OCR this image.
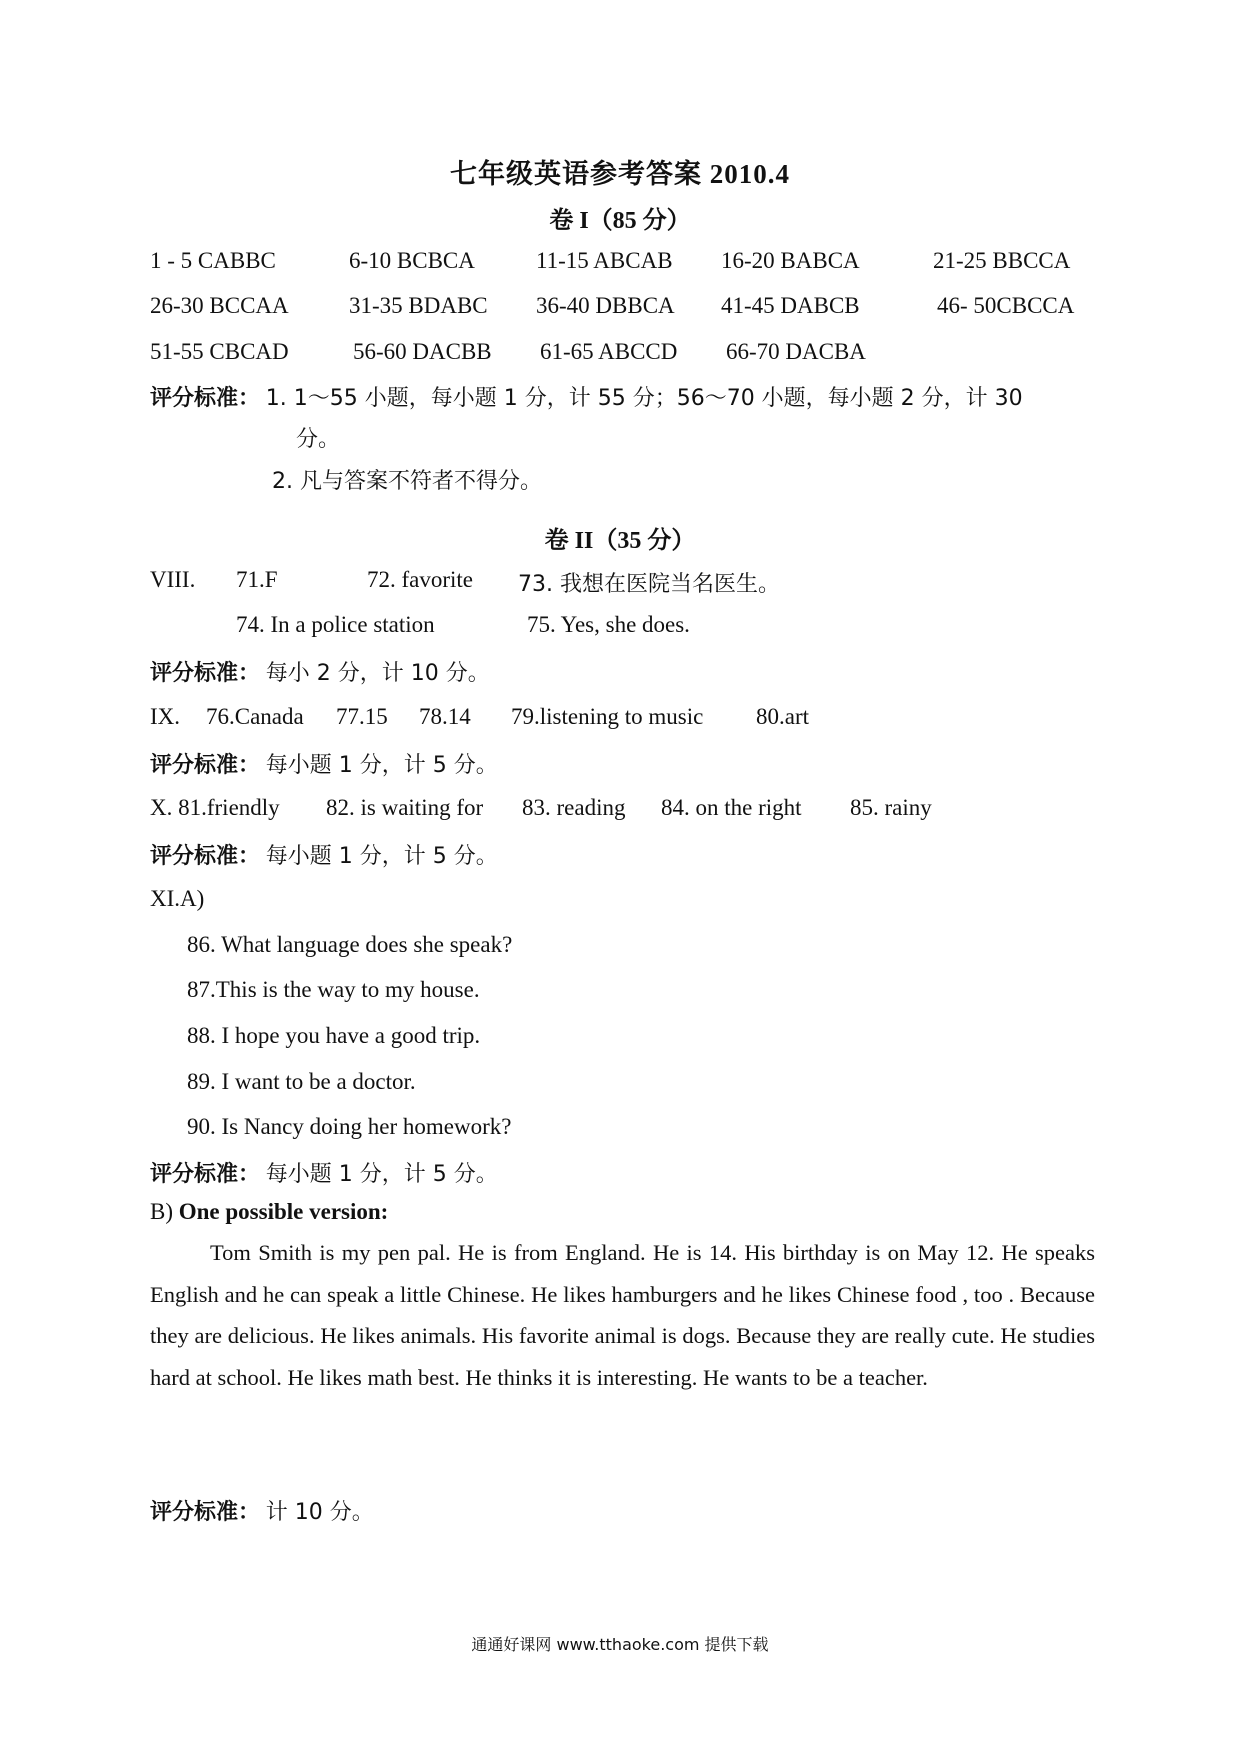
七年级英语参考答案 2010.4
卷 I（85 分）
1 - 5 CABBC	6-10 BCBCA	11-15 ABCAB 16-20 BABCA	21-25 BBCCA
26-30 BCCAA	31-35 BDABC 36-40 DBBCA 41-45 DABCB	46- 50CBCCA
51-55 CBCAD	56-60 DACBB 61-65 ABCCD 66-70 DACBA
评分标准： 1. 1～55 小题，每小题 1 分，计 55 分；56～70 小题，每小题 2 分，计 30
分。
2. 凡与答案不符者不得分。
卷 II（35 分）
VIII. 71.F	72. favorite 73. 我想在医院当名医生。
74. In a police station	75. Yes, she does.
评分标准： 每小 2 分，计 10 分。
IX. 76.Canada 77.15 78.14 79.listening to music 80.art
评分标准： 每小题 1 分，计 5 分。
X. 81.friendly 82. is waiting for 83. reading 84. on the right 85. rainy
评分标准： 每小题 1 分，计 5 分。
XI.A)
86. What language does she speak?
87.This is the way to my house.
88. I hope you have a good trip.
89. I want to be a doctor.
90. Is Nancy doing her homework?
评分标准： 每小题 1 分，计 5 分。
B) One possible version:
Tom Smith is my pen pal. He is from England. He is 14. His birthday is on May 12. He speaks English and he can speak a little Chinese. He likes hamburgers and he likes Chinese food , too . Because they are delicious. He likes animals. His favorite animal is dogs. Because they are really cute. He studies hard at school. He likes math best. He thinks it is interesting. He wants to be a teacher.
评分标准： 计 10 分。
通通好课网 www.tthaoke.com 提供下载
